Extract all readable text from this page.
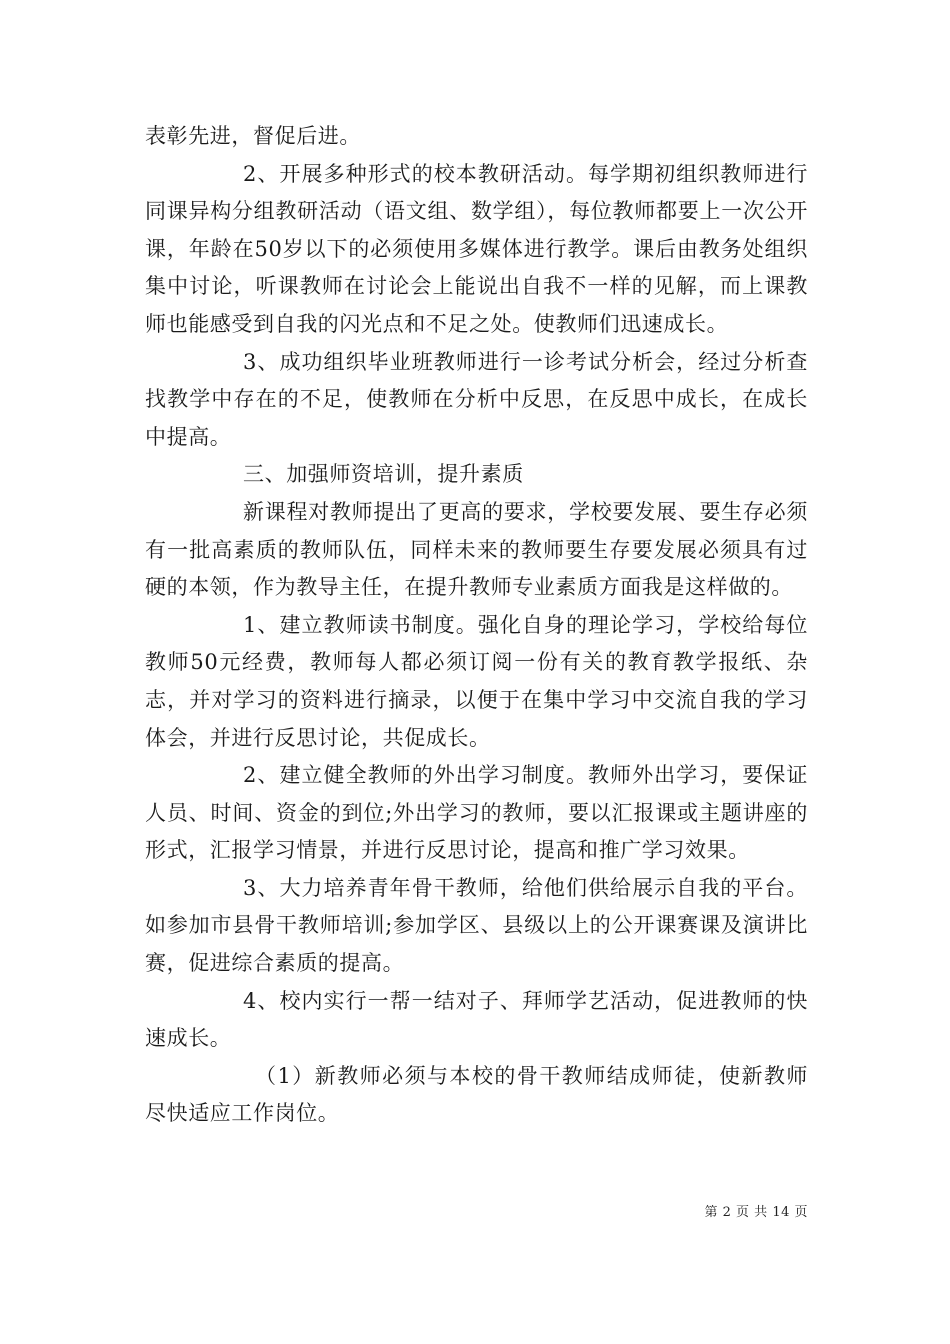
表彰先进，督促后进。

2、开展多种形式的校本教研活动。每学期初组织教师进行同课异构分组教研活动（语文组、数学组），每位教师都要上一次公开课，年龄在50岁以下的必须使用多媒体进行教学。课后由教务处组织集中讨论，听课教师在讨论会上能说出自我不一样的见解，而上课教师也能感受到自我的闪光点和不足之处。使教师们迅速成长。

3、成功组织毕业班教师进行一诊考试分析会，经过分析查找教学中存在的不足，使教师在分析中反思，在反思中成长，在成长中提高。

三、加强师资培训，提升素质

新课程对教师提出了更高的要求，学校要发展、要生存必须有一批高素质的教师队伍，同样未来的教师要生存要发展必须具有过硬的本领，作为教导主任，在提升教师专业素质方面我是这样做的。

1、建立教师读书制度。强化自身的理论学习，学校给每位教师50元经费，教师每人都必须订阅一份有关的教育教学报纸、杂志，并对学习的资料进行摘录，以便于在集中学习中交流自我的学习体会，并进行反思讨论，共促成长。

2、建立健全教师的外出学习制度。教师外出学习，要保证人员、时间、资金的到位;外出学习的教师，要以汇报课或主题讲座的形式，汇报学习情景，并进行反思讨论，提高和推广学习效果。

3、大力培养青年骨干教师，给他们供给展示自我的平台。如参加市县骨干教师培训;参加学区、县级以上的公开课赛课及演讲比赛，促进综合素质的提高。

4、校内实行一帮一结对子、拜师学艺活动，促进教师的快速成长。

（1）新教师必须与本校的骨干教师结成师徒，使新教师尽快适应工作岗位。

第 2 页 共 14 页
